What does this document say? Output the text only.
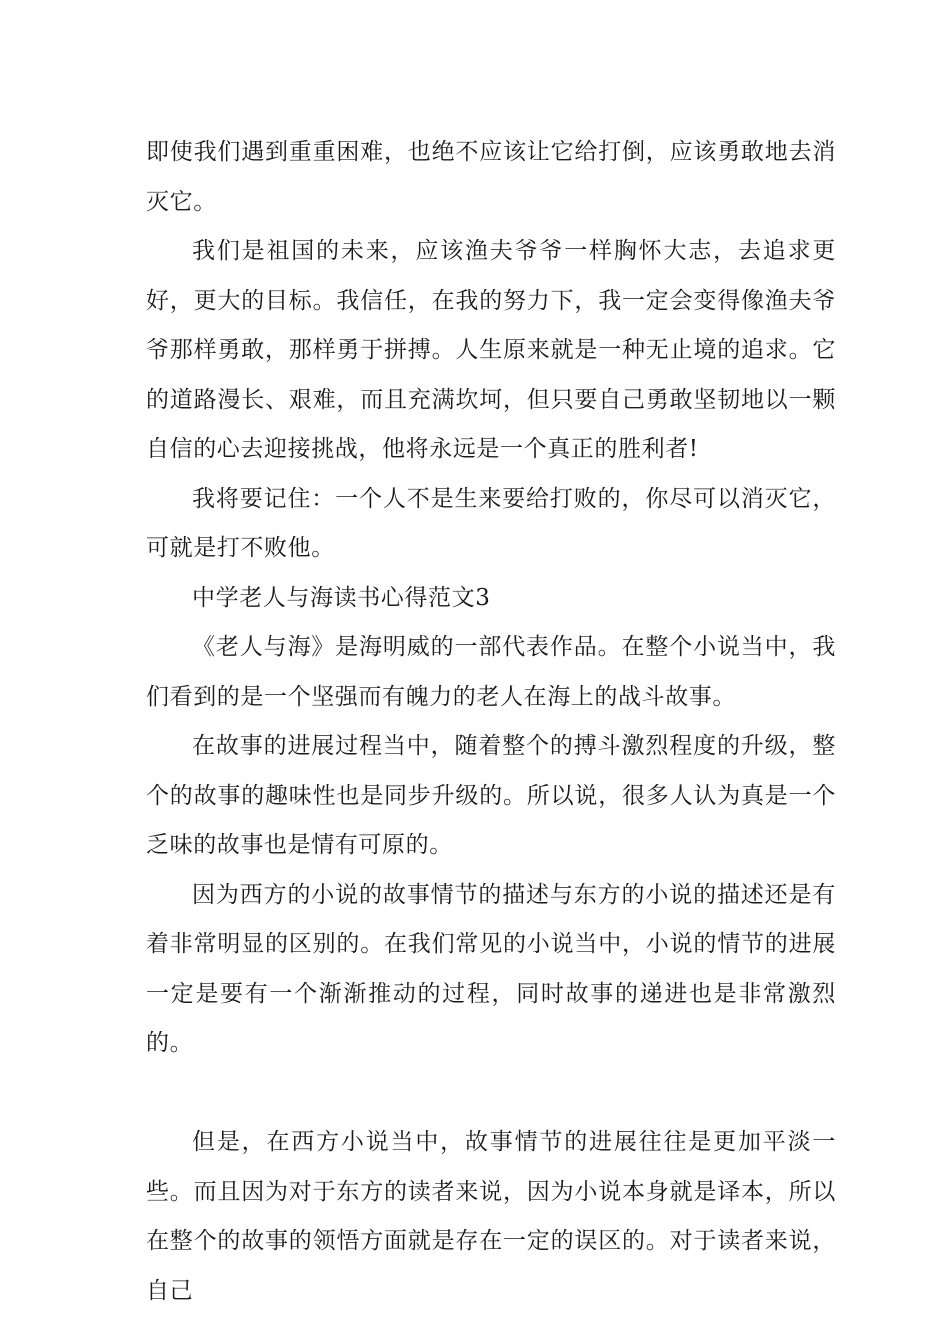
即使我们遇到重重困难，也绝不应该让它给打倒，应该勇敢地去消灭它。

我们是祖国的未来，应该渔夫爷爷一样胸怀大志，去追求更好，更大的目标。我信任，在我的努力下，我一定会变得像渔夫爷爷那样勇敢，那样勇于拼搏。人生原来就是一种无止境的追求。它的道路漫长、艰难，而且充满坎坷，但只要自己勇敢坚韧地以一颗自信的心去迎接挑战，他将永远是一个真正的胜利者!

我将要记住：一个人不是生来要给打败的，你尽可以消灭它，可就是打不败他。

中学老人与海读书心得范文3

《老人与海》是海明威的一部代表作品。在整个小说当中，我们看到的是一个坚强而有魄力的老人在海上的战斗故事。

在故事的进展过程当中，随着整个的搏斗激烈程度的升级，整个的故事的趣味性也是同步升级的。所以说，很多人认为真是一个乏味的故事也是情有可原的。

因为西方的小说的故事情节的描述与东方的小说的描述还是有着非常明显的区别的。在我们常见的小说当中，小说的情节的进展一定是要有一个渐渐推动的过程，同时故事的递进也是非常激烈的。

但是，在西方小说当中，故事情节的进展往往是更加平淡一些。而且因为对于东方的读者来说，因为小说本身就是译本，所以在整个的故事的领悟方面就是存在一定的误区的。对于读者来说，自己
